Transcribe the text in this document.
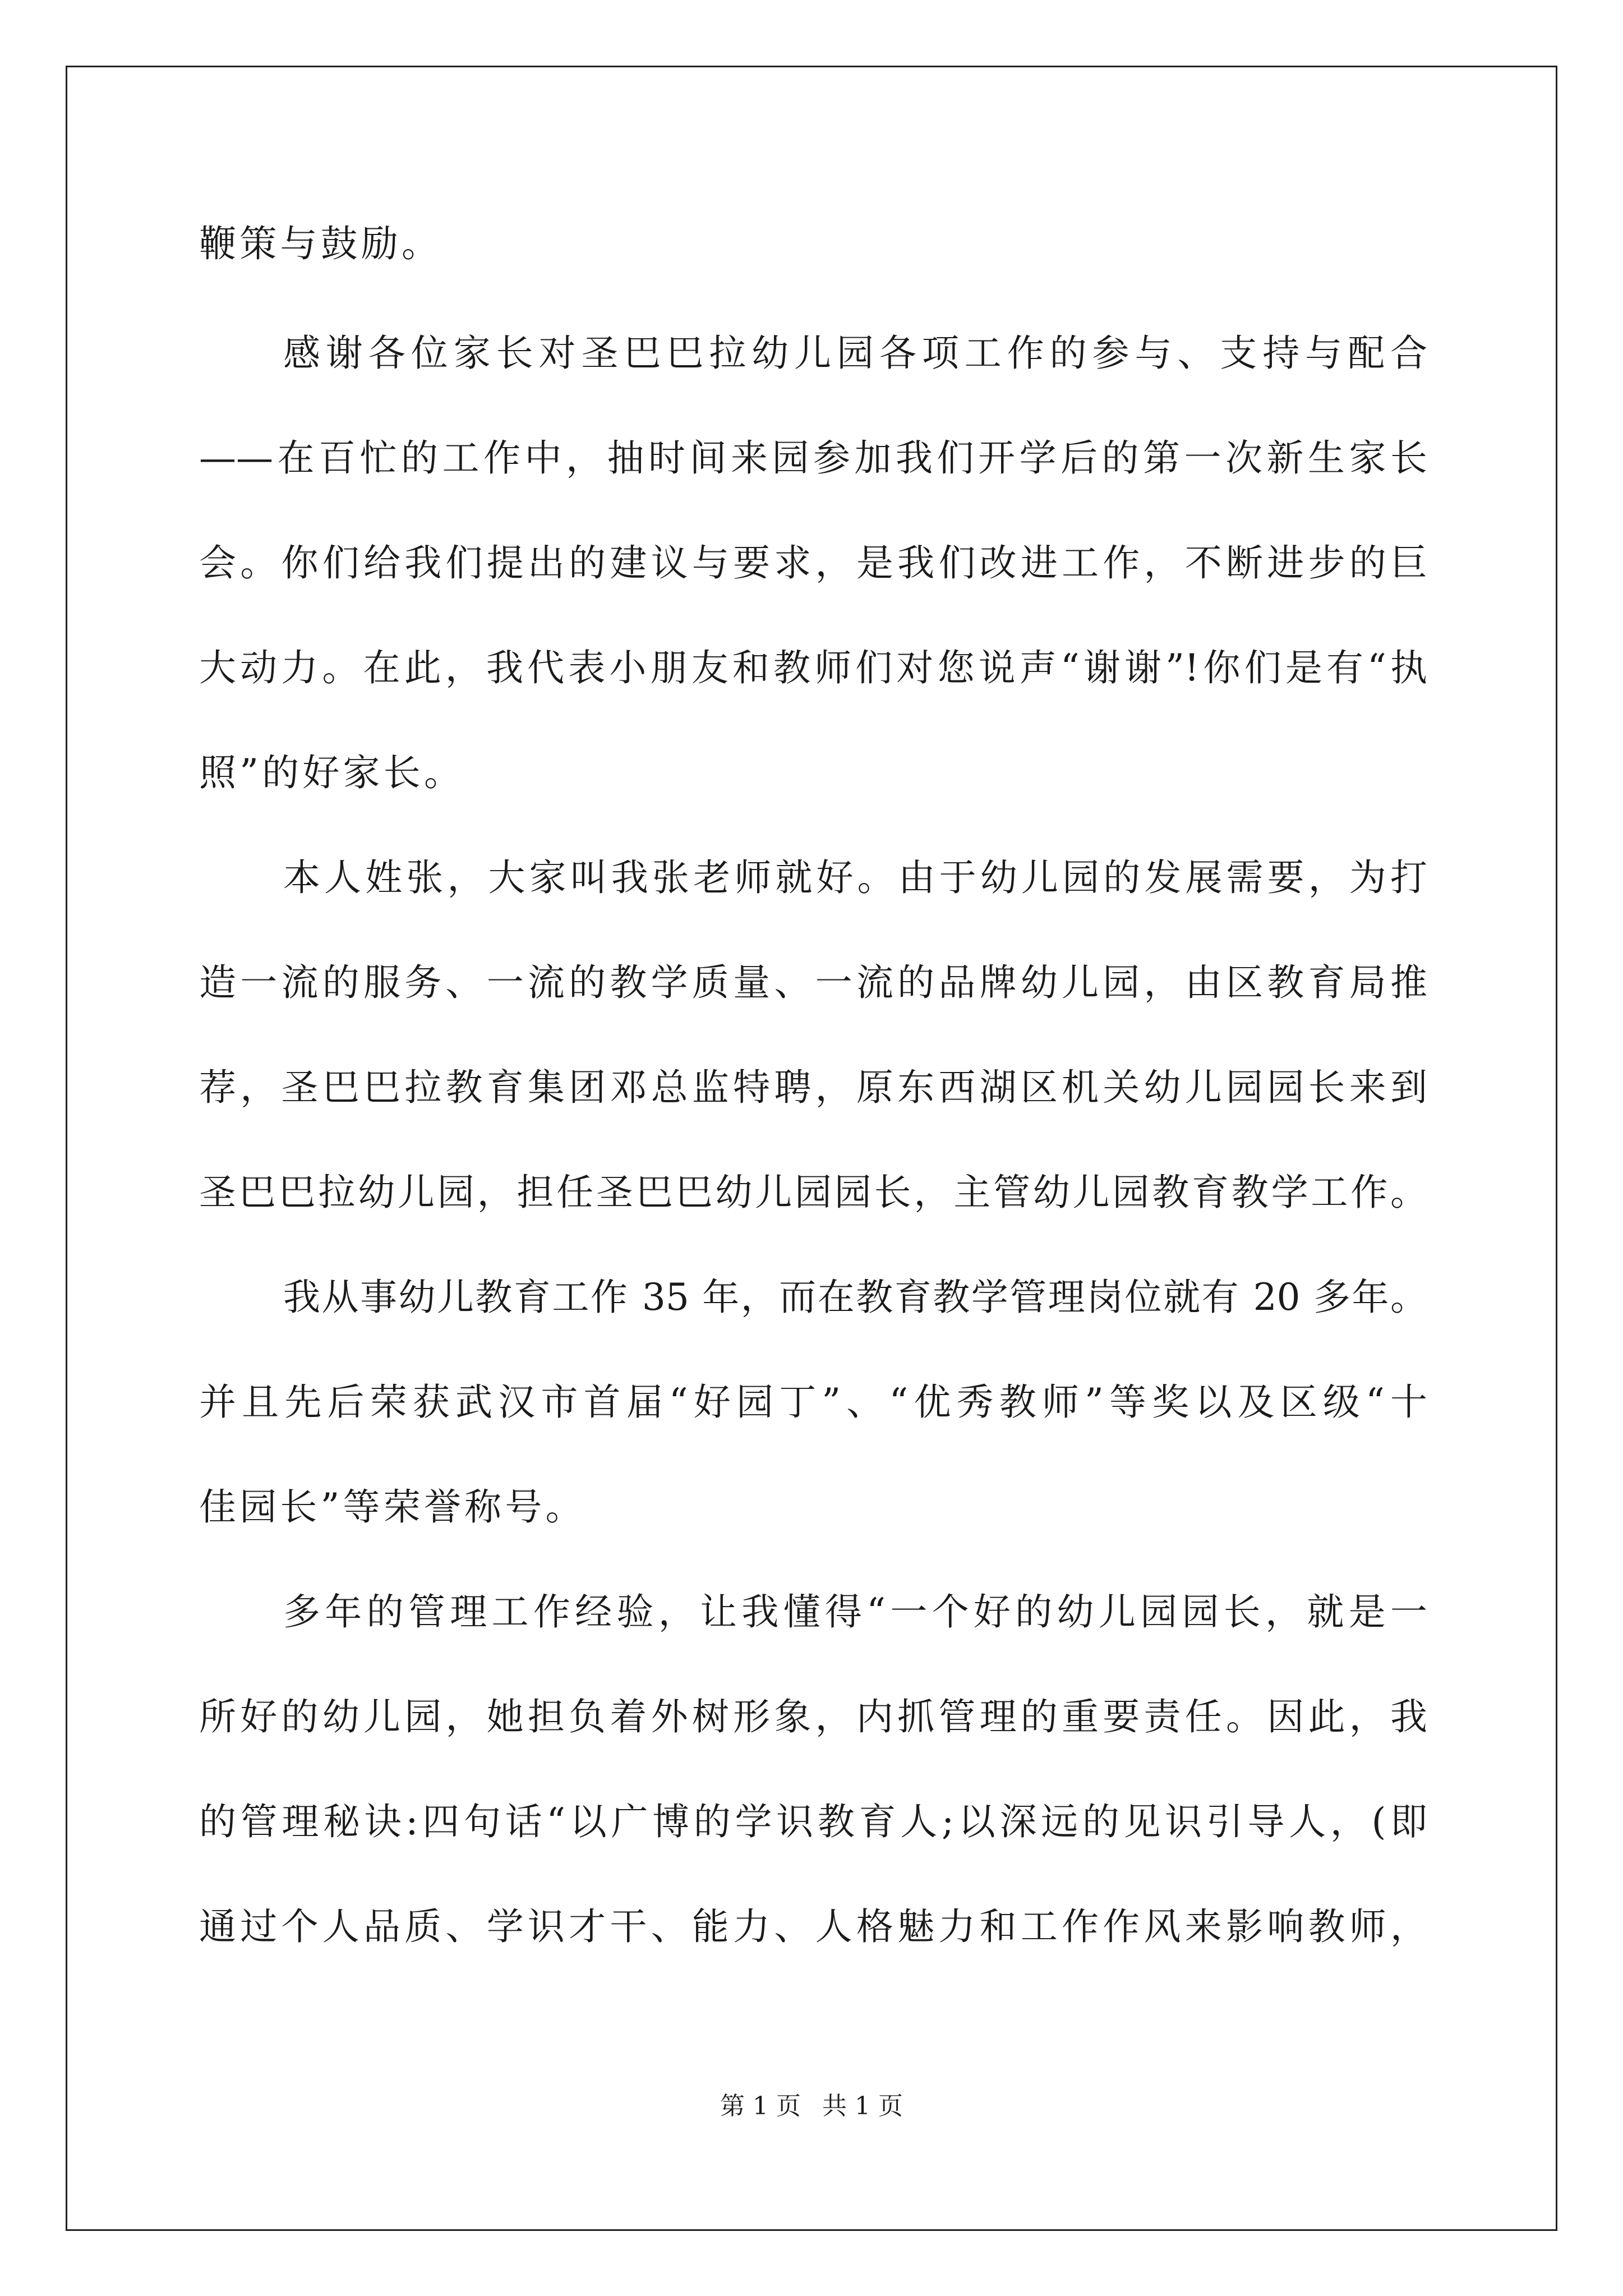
鞭策与鼓励。
感谢各位家长对圣巴巴拉幼儿园各项工作的参与、支持与配合
——在百忙的工作中，抽时间来园参加我们开学后的第一次新生家长
会。你们给我们提出的建议与要求，是我们改进工作，不断进步的巨
大动力。在此，我代表小朋友和教师们对您说声“谢谢”!你们是有“执
照”的好家长。
本人姓张，大家叫我张老师就好。由于幼儿园的发展需要，为打
造一流的服务、一流的教学质量、一流的品牌幼儿园，由区教育局推
荐，圣巴巴拉教育集团邓总监特聘，原东西湖区机关幼儿园园长来到
圣巴巴拉幼儿园，担任圣巴巴幼儿园园长，主管幼儿园教育教学工作。
我从事幼儿教育工作 35 年，而在教育教学管理岗位就有 20 多年。
并且先后荣获武汉市首届“好园丁”、“优秀教师”等奖以及区级“十
佳园长”等荣誉称号。
多年的管理工作经验，让我懂得“一个好的幼儿园园长，就是一
所好的幼儿园，她担负着外树形象，内抓管理的重要责任。因此，我
的管理秘诀:四句话“以广博的学识教育人;以深远的见识引导人，(即
通过个人品质、学识才干、能力、人格魅力和工作作风来影响教师，
第 1 页 共 1 页
